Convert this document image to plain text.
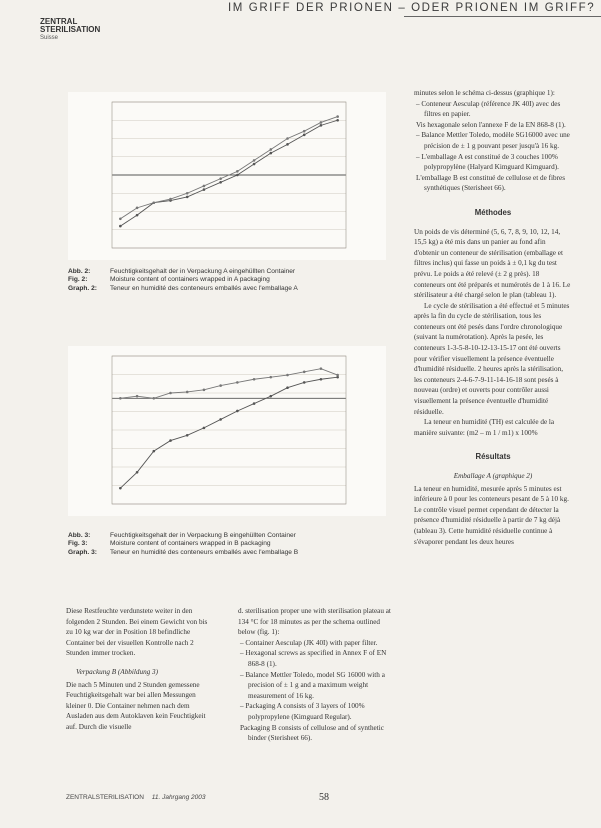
IM GRIFF DER PRIONEN – ODER PRIONEN IM GRIFF?
ZENTRAL
STERILISATION
Suisse
Abb. 2:	Feuchtigkeitsgehalt der in Verpackung A eingehüllten Container
Fig. 2:	Moisture content of containers wrapped in A packaging
Graph. 2:	Teneur en humidité des conteneurs emballés avec l'emballage A
Abb. 3:	Feuchtigkeitsgehalt der in Verpackung B eingehüllten Container
Fig. 3:	Moisture content of containers wrapped in B packaging
Graph. 3:	Teneur en humidité des conteneurs emballés avec l'emballage B

minutes selon le schéma ci-dessus (graphique 1):

– Conteneur Aesculap (référence JK 40I) avec des filtres en papier.

Vis hexagonale selon l'annexe F de la EN 868-8 (1).

– Balance Mettler Toledo, modèle SG16000 avec une précision de ± 1 g pouvant peser jusqu'à 16 kg.

– L'emballage A est constitué de 3 couches 100% polypropylène (Halyard Kimguard Kimguard).

L'emballage B est constitué de cellulose et de fibres synthétiques (Sterisheet 66).

Méthodes

Un poids de vis déterminé (5, 6, 7, 8, 9, 10, 12, 14, 15,5 kg) a été mis dans un panier au fond afin d'obtenir un conteneur de stérilisation (emballage et filtres inclus) qui fasse un poids à ± 0,1 kg du test prévu. Le poids a été relevé (± 2 g près). 18 conteneurs ont été préparés et numérotés de 1 à 16. Le stérilisateur a été chargé selon le plan (tableau 1).

Le cycle de stérilisation a été effectué et 5 minutes après la fin du cycle de stérilisation, tous les conteneurs ont été pesés dans l'ordre chronologique (suivant la numérotation). Après la pesée, les conteneurs 1-3-5-8-10-12-13-15-17 ont été ouverts pour vérifier visuellement la présence éventuelle d'humidité résiduelle. 2 heures après la stérilisation, les conteneurs 2-4-6-7-9-11-14-16-18 sont pesés à nouveau (ordre) et ouverts pour contrôler aussi visuellement la présence éventuelle d'humidité résiduelle.

La teneur en humidité (TH) est calculée de la manière suivante: (m2 – m 1 / m1) x 100%

Résultats

Emballage A (graphique 2)

La teneur en humidité, mesurée après 5 minutes est inférieure à 0 pour les conteneurs pesant de 5 à 10 kg. Le contrôle visuel permet cependant de détecter la présence d'humidité résiduelle à partir de 7 kg déjà (tableau 3). Cette humidité résiduelle continue à s'évaporer pendant les deux heures

Diese Restfeuchte verdunstete weiter in den folgenden 2 Stunden. Bei einem Gewicht von bis zu 10 kg war der in Position 18 befindliche Container bei der visuellen Kontrolle nach 2 Stunden immer trocken.

Verpackung B (Abbildung 3)

Die nach 5 Minuten und 2 Stunden gemessene Feuchtigkeitsgehalt war bei allen Messungen kleiner 0. Die Container nehmen nach dem Ausladen aus dem Autoklaven kein Feuchtigkeit auf. Durch die visuelle

d. sterilisation proper une with sterilisation plateau at 134 °C for 18 minutes as per the schema outlined below (fig. 1):

– Container Aesculap (JK 40I) with paper filter.

– Hexagonal screws as specified in Annex F of EN 868-8 (1).

– Balance Mettler Toledo, model SG 16000 with a precision of ± 1 g and a maximum weight measurement of 16 kg.

– Packaging A consists of 3 layers of 100% polypropylene (Kimguard Regular).

Packaging B consists of cellulose and of synthetic binder (Sterisheet 66).

ZENTRALSTERILISATION 11. Jahrgang 2003	58
